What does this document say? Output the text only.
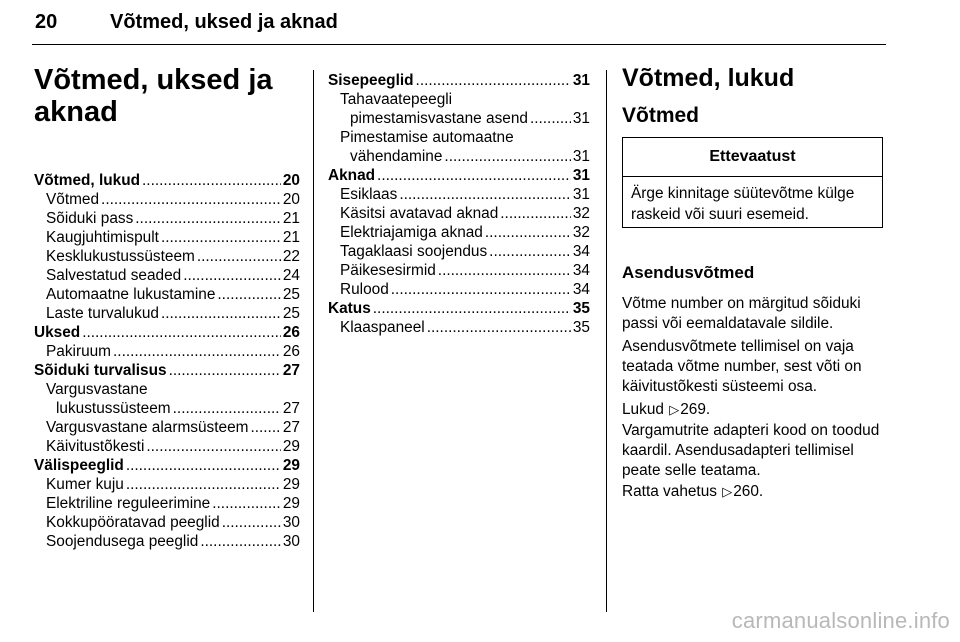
20	Võtmed, uksed ja aknad
Võtmed, uksed ja
aknad
Võtmed, lukud .....	20
Võtmed .....	20
Sõiduki pass .....	21
Kaugjuhtimispult .....	21
Kesklukustussüsteem .....	22
Salvestatud seaded .....	24
Automaatne lukustamine .....	25
Laste turvalukud .....	25
Uksed .....	26
Pakiruum .....	26
Sõiduki turvalisus .....	27
Vargusvastane
lukustussüsteem .....	27
Vargusvastane alarmsüsteem ..... 27
Käivitustõkesti .....	29
Välispeeglid .....	29
Kumer kuju .....	29
Elektriline reguleerimine .....	29
Kokkupööratavad peeglid .....	30
Soojendusega peeglid .....	30
Sisepeeglid .....	31
Tahavaatepeegli
pimestamisvastane asend .....	31
Pimestamise automaatne
vähendamine .....	31
Aknad .....	31
Esiklaas .....	31
Käsitsi avatavad aknad .....	32
Elektriajamiga aknad .....	32
Tagaklaasi soojendus .....	34
Päikesesirmid .....	34
Rulood .....	34
Katus .....	35
Klaaspaneel .....	35
Võtmed, lukud
Võtmed
Ettevaatust
Ärge kinnitage süütevõtme külge raskeid või suuri esemeid.
Asendusvõtmed

Võtme number on märgitud sõiduki passi või eemaldatavale sildile.

Asendusvõtmete tellimisel on vaja teatada võtme number, sest võti on käivitustõkesti süsteemi osa.

Lukud ▷269.

Vargamutrite adapteri kood on toodud kaardil. Asendusadapteri tellimisel peate selle teatama.

Ratta vahetus ▷260.

carmanualsonline.info
